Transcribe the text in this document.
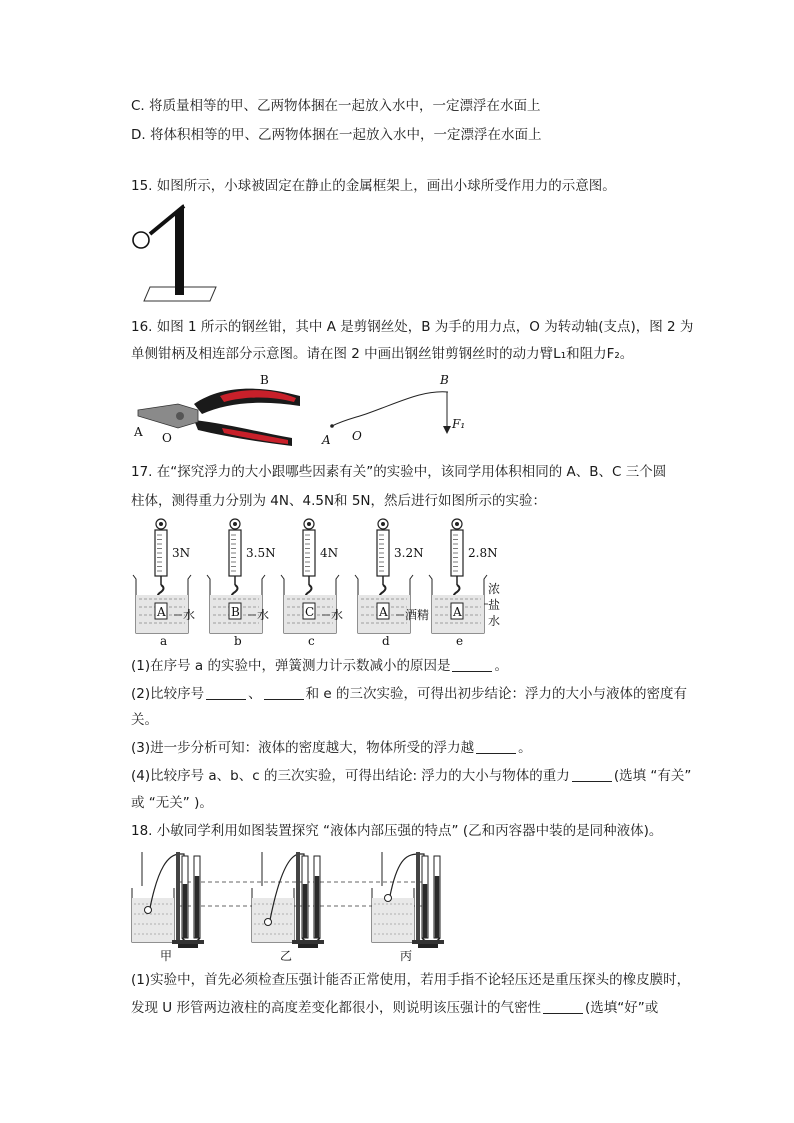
C. 将质量相等的甲、乙两物体捆在一起放入水中，一定漂浮在水面上
D. 将体积相等的甲、乙两物体捆在一起放入水中，一定漂浮在水面上
15. 如图所示，小球被固定在静止的金属框架上，画出小球所受作用力的示意图。
16. 如图 1 所示的钢丝钳，其中 A 是剪钢丝处，B 为手的用力点，O 为转动轴(支点)，图 2 为
单侧钳柄及相连部分示意图。请在图 2 中画出钢丝钳剪钢丝时的动力臂L₁和阻力F₂。
B
A O
B
F₁
A O
17. 在“探究浮力的大小跟哪些因素有关”的实验中，该同学用体积相同的 A、B、C 三个圆
柱体，测得重力分别为 4N、4.5N和 5N，然后进行如图所示的实验：
3N
A
a
水
3.5N
B
b
水
4N
C
c
水
3.2N
A
d
酒精
2.8N
A
e
浓
盐
水
(1)在序号 a 的实验中，弹簧测力计示数减小的原因是	。
(2)比较序号	、	和 e 的三次实验，可得出初步结论：浮力的大小与液体的密度有
关。
(3)进一步分析可知：液体的密度越大，物体所受的浮力越	。
(4)比较序号 a、b、c 的三次实验，可得出结论: 浮力的大小与物体的重力	(选填 “有关”
或 “无关” )。
18. 小敏同学利用如图装置探究 “液体内部压强的特点” (乙和丙容器中装的是同种液体)。
甲	乙	丙
(1)实验中，首先必须检查压强计能否正常使用，若用手指不论轻压还是重压探头的橡皮膜时，
发现 U 形管两边液柱的高度差变化都很小，则说明该压强计的气密性	(选填“好”或
